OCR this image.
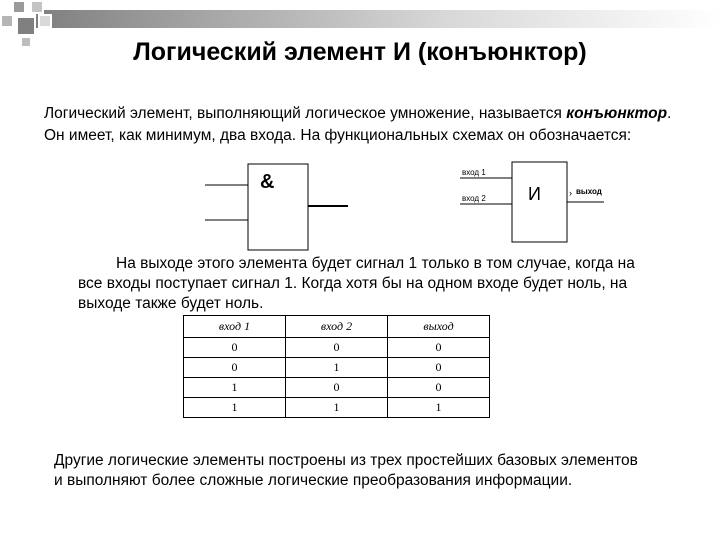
Логический элемент И (конъюнктор)
Логический элемент, выполняющий логическое умножение, называется конъюнктор.
Он имеет, как минимум, два входа. На функциональных схемах он обозначается:
&	вход 1
вход 2 И	выход
›
На выходе этого элемента будет сигнал 1 только в том случае, когда на
все входы поступает сигнал 1. Когда хотя бы на одном входе будет ноль, на
выходе также будет ноль.
вход 1	вход 2	выход
0	0	0
0	1	0
1	0	0
1	1	1
Другие логические элементы построены из трех простейших базовых элементов
и выполняют более сложные логические преобразования информации.
